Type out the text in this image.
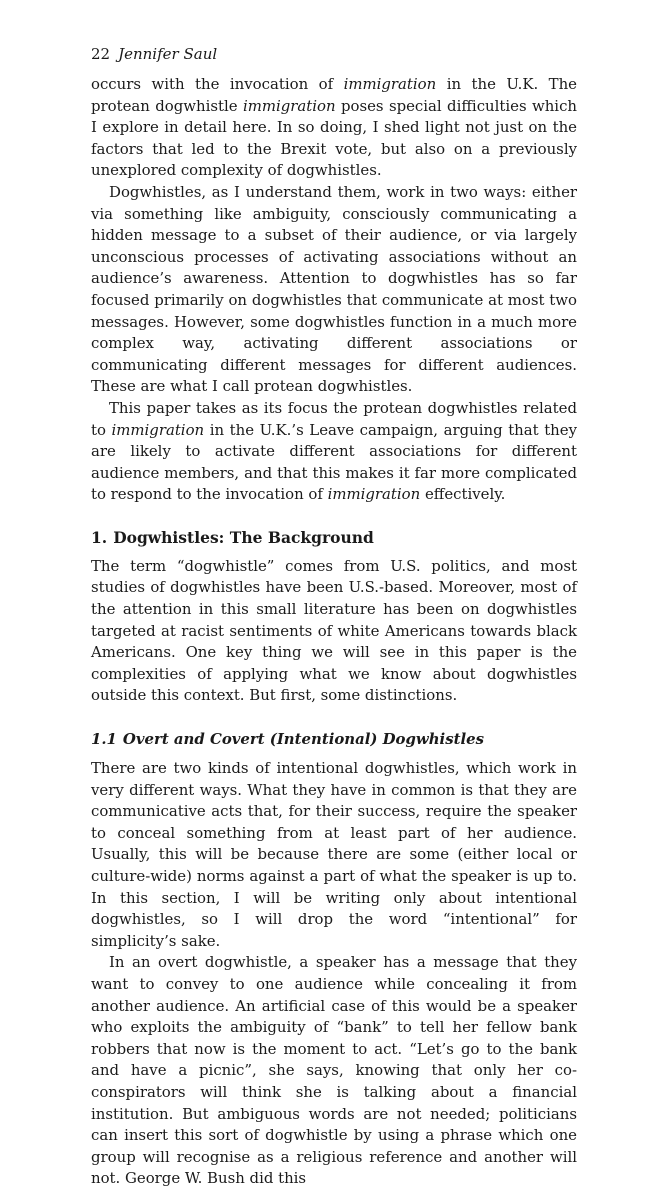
22 Jennifer Saul

occurs with the invocation of immigration in the U.K. The protean dogwhistle immigration poses special difficulties which I explore in detail here. In so doing, I shed light not just on the factors that led to the Brexit vote, but also on a previously unexplored complexity of dogwhistles.

Dogwhistles, as I understand them, work in two ways: either via something like ambiguity, consciously communicating a hidden message to a subset of their audience, or via largely unconscious processes of activating associations without an audience’s awareness. Attention to dogwhistles has so far focused primarily on dogwhistles that communicate at most two messages. However, some dogwhistles function in a much more complex way, activating different associations or communicating different messages for different audiences. These are what I call protean dogwhistles.

This paper takes as its focus the protean dogwhistles related to immigration in the U.K.’s Leave campaign, arguing that they are likely to activate different associations for different audience members, and that this makes it far more complicated to respond to the invocation of immigration effectively.

1. Dogwhistles: The Background

The term “dogwhistle” comes from U.S. politics, and most studies of dogwhistles have been U.S.-based. Moreover, most of the attention in this small literature has been on dogwhistles targeted at racist sentiments of white Americans towards black Americans. One key thing we will see in this paper is the complexities of applying what we know about dogwhistles outside this context. But first, some distinctions.

1.1 Overt and Covert (Intentional) Dogwhistles

There are two kinds of intentional dogwhistles, which work in very different ways. What they have in common is that they are communicative acts that, for their success, require the speaker to conceal something from at least part of her audience. Usually, this will be because there are some (either local or culture-wide) norms against a part of what the speaker is up to. In this section, I will be writing only about intentional dogwhistles, so I will drop the word “intentional” for simplicity’s sake.

In an overt dogwhistle, a speaker has a message that they want to convey to one audience while concealing it from another audience. An artificial case of this would be a speaker who exploits the ambiguity of “bank” to tell her fellow bank robbers that now is the moment to act. “Let’s go to the bank and have a picnic”, she says, knowing that only her co-conspirators will think she is talking about a financial institution. But ambiguous words are not needed; politicians can insert this sort of dogwhistle by using a phrase which one group will recognise as a religious reference and another will not. George W. Bush did this
